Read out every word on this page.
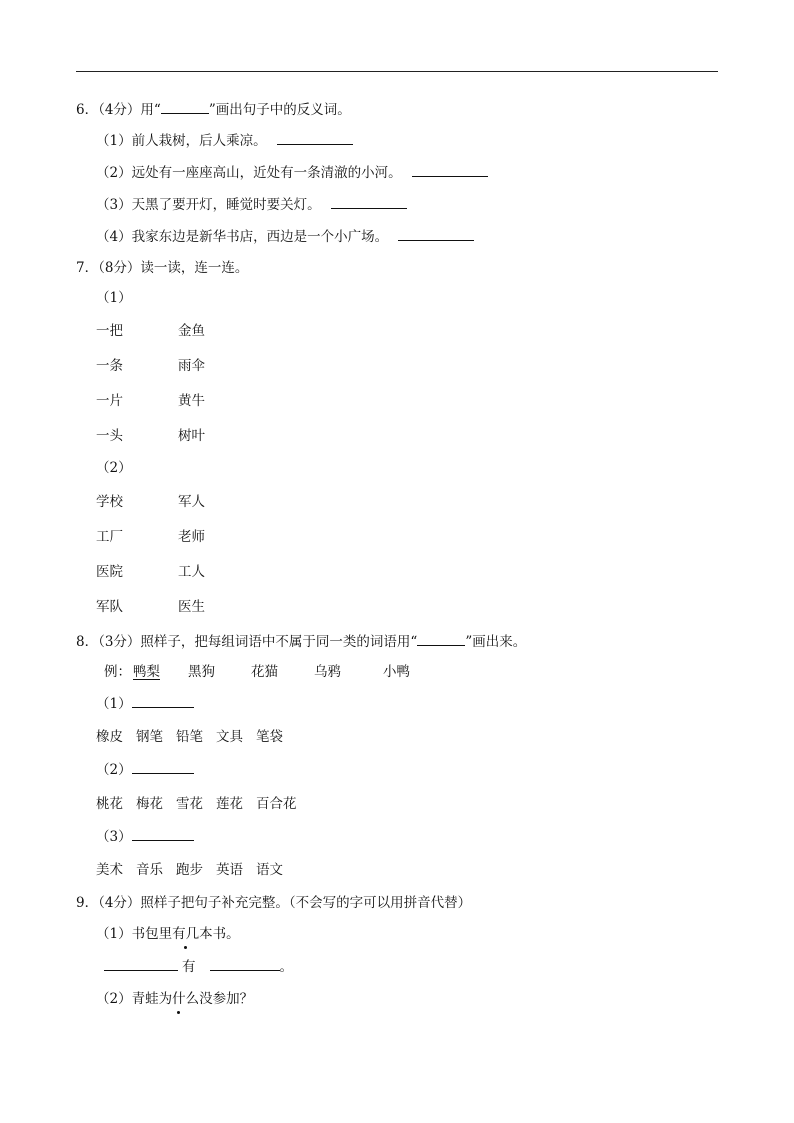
6．（4分）用“	”画出句子中的反义词。
（1）前人栽树，后人乘凉。
（2）远处有一座座高山，近处有一条清澈的小河。
（3）天黑了要开灯，睡觉时要关灯。
（4）我家东边是新华书店，西边是一个小广场。
7．（8分）读一读，连一连。
（1）
一把	金鱼
一条	雨伞
一片	黄牛
一头	树叶
（2）
学校	军人
工厂	老师
医院	工人
军队	医生
8．（3分）照样子，把每组词语中不属于同一类的词语用“	”画出来。
例： 鸭梨 黑狗	花猫	乌鸦	小鸭
（1）
橡皮 钢笔 铅笔 文具 笔袋
（2）
桃花 梅花 雪花 莲花 百合花
（3）
美术 音乐 跑步 英语 语文
9．（4分）照样子把句子补充完整。（不会写的字可以用拼音代替）
（1）书包里有几本书。
有	。
（2）青蛙为什么没参加？
